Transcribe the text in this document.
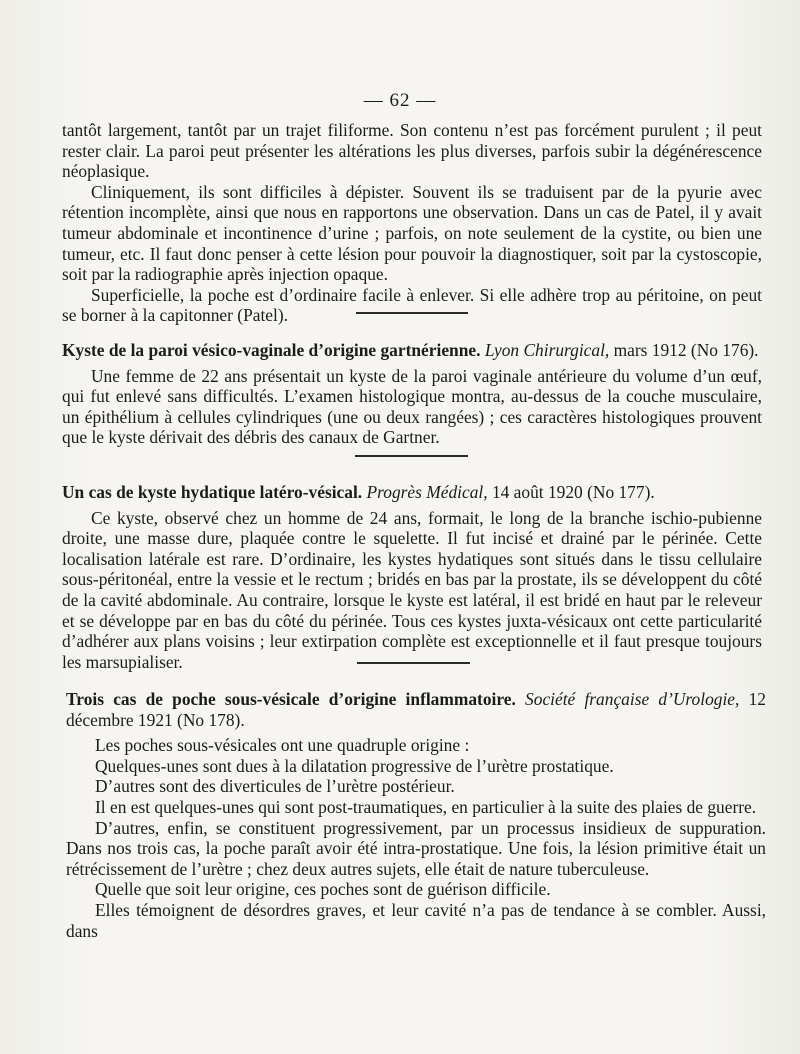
— 62 —

tantôt largement, tantôt par un trajet filiforme. Son contenu n’est pas forcément purulent ; il peut rester clair. La paroi peut présenter les altérations les plus diverses, parfois subir la dégénérescence néoplasique.

Cliniquement, ils sont difficiles à dépister. Souvent ils se traduisent par de la pyurie avec rétention incomplète, ainsi que nous en rapportons une observation. Dans un cas de Patel, il y avait tumeur abdominale et incontinence d’urine ; parfois, on note seulement de la cystite, ou bien une tumeur, etc. Il faut donc penser à cette lésion pour pouvoir la diagnostiquer, soit par la cystoscopie, soit par la radiographie après injection opaque.

Superficielle, la poche est d’ordinaire facile à enlever. Si elle adhère trop au péritoine, on peut se borner à la capitonner (Patel).

Kyste de la paroi vésico-vaginale d’origine gartnérienne. Lyon Chirurgical, mars 1912 (No 176).

Une femme de 22 ans présentait un kyste de la paroi vaginale antérieure du volume d’un œuf, qui fut enlevé sans difficultés. L’examen histologique montra, au-dessus de la couche musculaire, un épithélium à cellules cylindriques (une ou deux rangées) ; ces caractères histologiques prouvent que le kyste dérivait des débris des canaux de Gartner.

Un cas de kyste hydatique latéro-vésical. Progrès Médical, 14 août 1920 (No 177).

Ce kyste, observé chez un homme de 24 ans, formait, le long de la branche ischio-pubienne droite, une masse dure, plaquée contre le squelette. Il fut incisé et drainé par le périnée. Cette localisation latérale est rare. D’ordinaire, les kystes hydatiques sont situés dans le tissu cellulaire sous-péritonéal, entre la vessie et le rectum ; bridés en bas par la prostate, ils se développent du côté de la cavité abdominale. Au contraire, lorsque le kyste est latéral, il est bridé en haut par le releveur et se développe par en bas du côté du périnée. Tous ces kystes juxta-vésicaux ont cette particularité d’adhérer aux plans voisins ; leur extirpation complète est exceptionnelle et il faut presque toujours les marsupialiser.

Trois cas de poche sous-vésicale d’origine inflammatoire. Société française d’Urologie, 12 décembre 1921 (No 178).

Les poches sous-vésicales ont une quadruple origine :

Quelques-unes sont dues à la dilatation progressive de l’urètre prostatique.

D’autres sont des diverticules de l’urètre postérieur.

Il en est quelques-unes qui sont post-traumatiques, en particulier à la suite des plaies de guerre.

D’autres, enfin, se constituent progressivement, par un processus insidieux de suppuration. Dans nos trois cas, la poche paraît avoir été intra-prostatique. Une fois, la lésion primitive était un rétrécissement de l’urètre ; chez deux autres sujets, elle était de nature tuberculeuse.

Quelle que soit leur origine, ces poches sont de guérison difficile.

Elles témoignent de désordres graves, et leur cavité n’a pas de tendance à se combler. Aussi, dans
